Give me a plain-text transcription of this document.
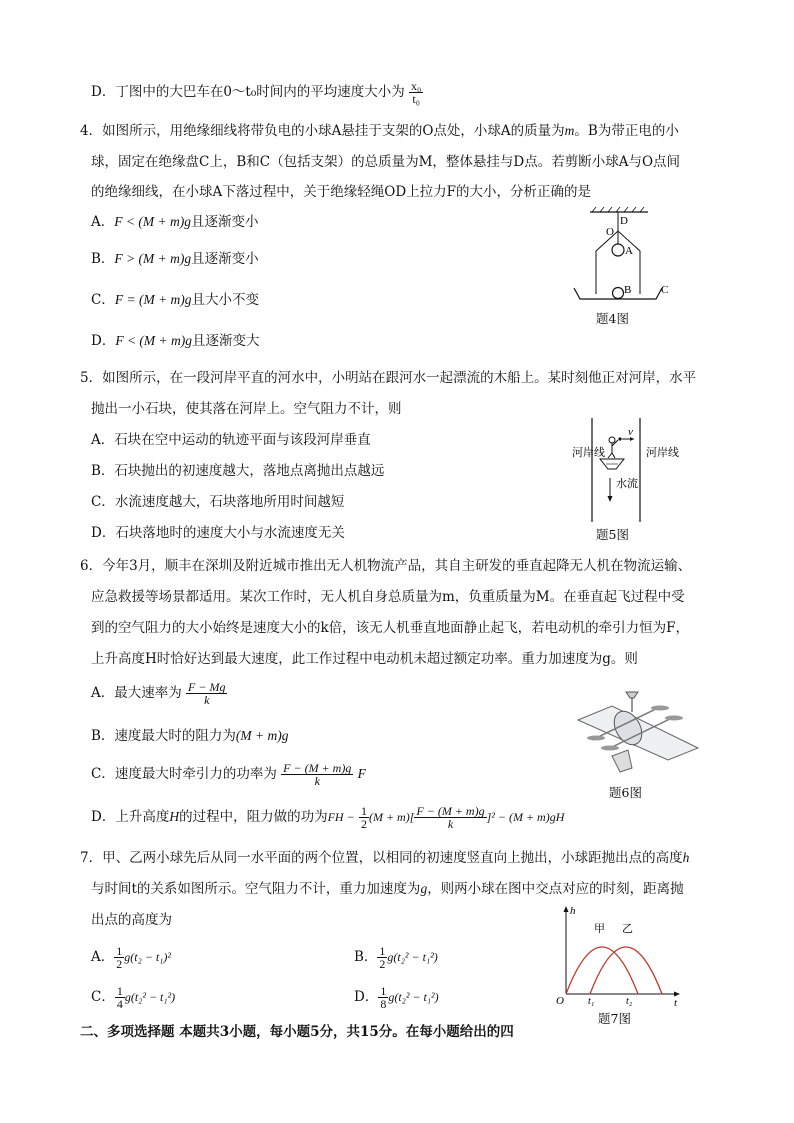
D．丁图中的大巴车在0～t₀时间内的平均速度大小为 $\frac{\text{x₀}}{\text{t₀}}$
4．如图所示，用绝缘细线将带负电的小球A悬挂于支架的O点处，小球A的质量为m。B为带正电的小
球，固定在绝缘盘C上，B和C（包括支架）的总质量为M，整体悬挂与D点。若剪断小球A与O点间
的绝缘细线，在小球A下落过程中，关于绝缘轻绳OD上拉力F的大小，分析正确的是
A．F < (M + m)g且逐渐变小
B．F > (M + m)g且逐渐变小
C．F = (M + m)g且大小不变
D．F < (M + m)g且逐渐变大
D
O
A
B	C
题4图
5．如图所示，在一段河岸平直的河水中，小明站在跟河水一起漂流的木船上。某时刻他正对河岸，水平
抛出一小石块，使其落在河岸上。空气阻力不计，则
A．石块在空中运动的轨迹平面与该段河岸垂直
B．石块抛出的初速度越大，落地点离抛出点越远
C．水流速度越大，石块落地所用时间越短
D．石块落地时的速度大小与水流速度无关
河岸线	河岸线
v
水流
题5图
6．今年3月，顺丰在深圳及附近城市推出无人机物流产品，其自主研发的垂直起降无人机在物流运输、
应急救援等场景都适用。某次工作时，无人机自身总质量为m，负重质量为M。在垂直起飞过程中受
到的空气阻力的大小始终是速度大小的k倍，该无人机垂直地面静止起飞，若电动机的牵引力恒为F，
上升高度H时恰好达到最大速度，此工作过程中电动机未超过额定功率。重力加速度为g。则
A．最大速率为 $\frac{F - Mg}{k}$
B．速度最大时的阻力为(M + m)g
C．速度最大时牵引力的功率为 $\frac{F - (M + m)g}{k}$ F
D．上升高度H的过程中，阻力做的功为FH − $\frac{1}{2} (M + m)[ \frac{F - (M + m)g}{k} ]^2 - (M + m)gH$
题6图
7．甲、乙两小球先后从同一水平面的两个位置，以相同的初速度竖直向上抛出，小球距抛出点的高度h
与时间t的关系如图所示。空气阻力不计，重力加速度为g，则两小球在图中交点对应的时刻，距离抛
出点的高度为
A． $\frac{1}{2} g(t_2 - t_1)^2$	B． $\frac{1}{2} g(t_2^2 - t_1^2)$
C． $\frac{1}{4} g(t_2^2 - t_1^2)$	D． $\frac{1}{8} g(t_2^2 - t_1^2)$
h
t
O t₁	t₂
甲 乙
题7图
二、多项选择题 本题共3小题，每小题5分，共15分。在每小题给出的四
